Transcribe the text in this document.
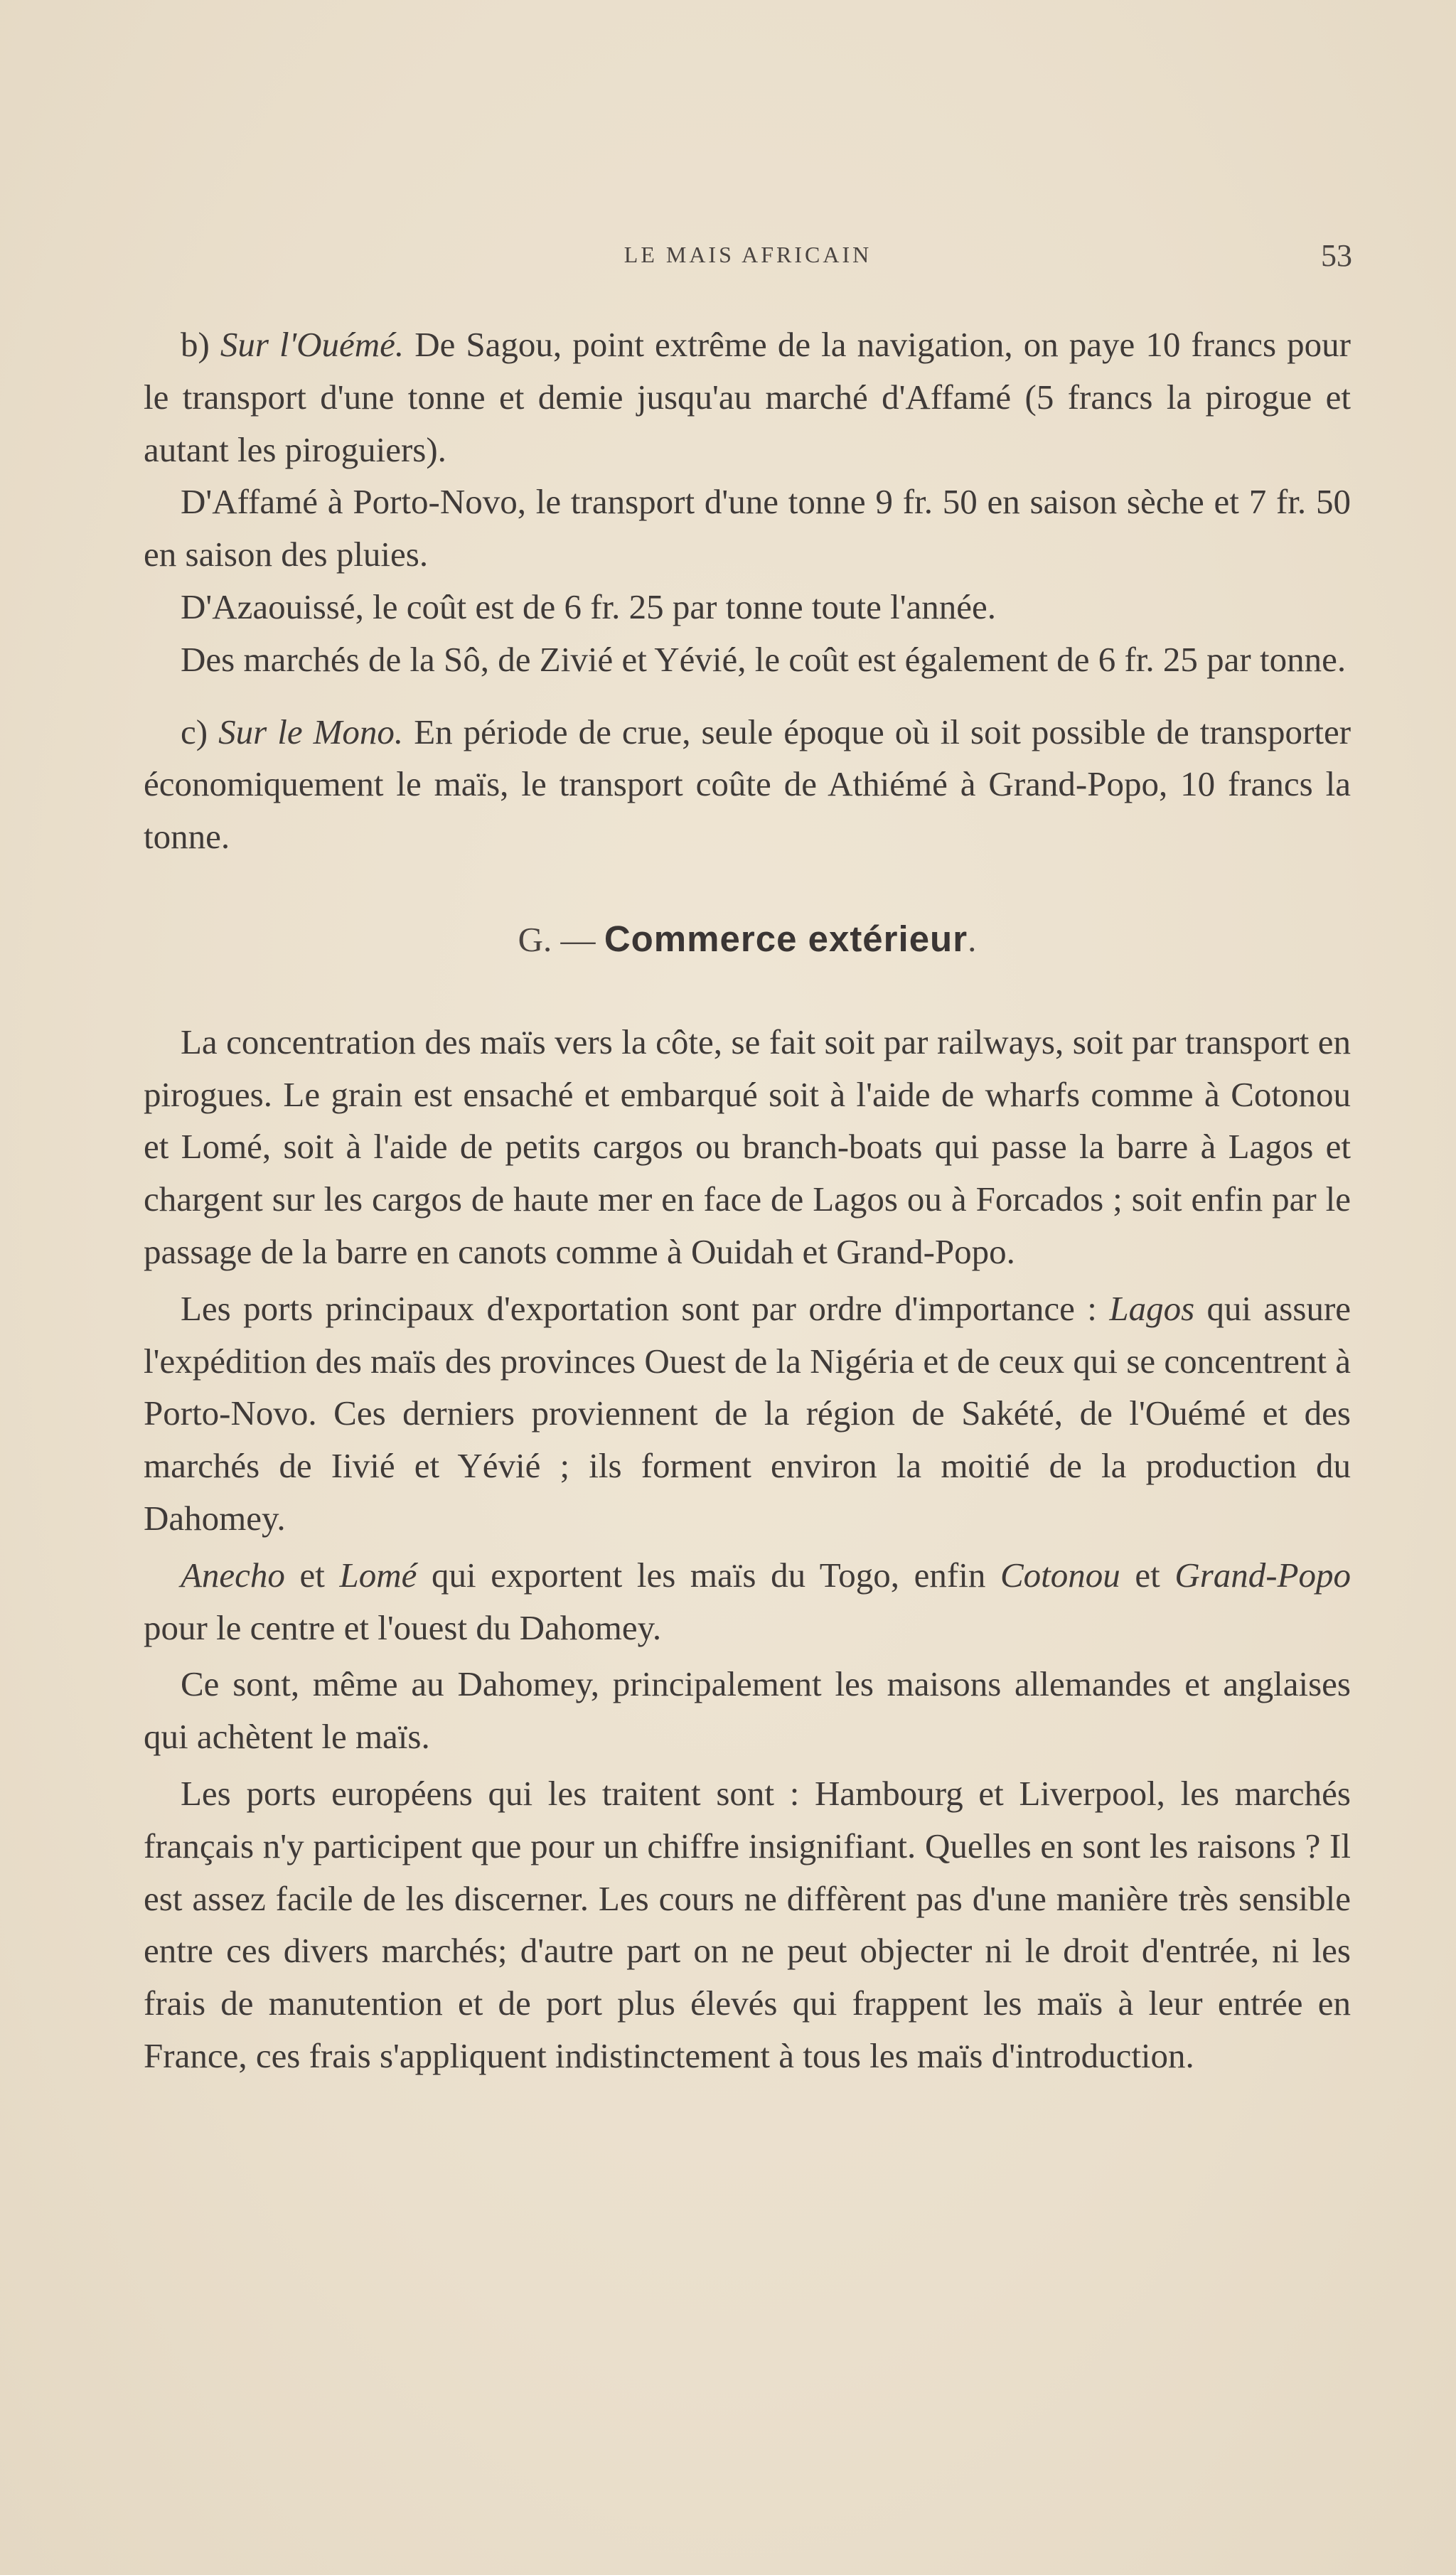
LE MAIS AFRICAIN	53

b) Sur l'Ouémé. De Sagou, point extrême de la navigation, on paye 10 francs pour le transport d'une tonne et demie jusqu'au marché d'Affamé (5 francs la pirogue et autant les piroguiers).

D'Affamé à Porto-Novo, le transport d'une tonne 9 fr. 50 en saison sèche et 7 fr. 50 en saison des pluies.

D'Azaouissé, le coût est de 6 fr. 25 par tonne toute l'année.

Des marchés de la Sô, de Zivié et Yévié, le coût est également de 6 fr. 25 par tonne.

c) Sur le Mono. En période de crue, seule époque où il soit possible de transporter économiquement le maïs, le transport coûte de Athiémé à Grand-Popo, 10 francs la tonne.

G. — Commerce extérieur.

La concentration des maïs vers la côte, se fait soit par railways, soit par transport en pirogues. Le grain est ensaché et embarqué soit à l'aide de wharfs comme à Cotonou et Lomé, soit à l'aide de petits cargos ou branch-boats qui passe la barre à Lagos et chargent sur les cargos de haute mer en face de Lagos ou à Forcados ; soit enfin par le passage de la barre en canots comme à Ouidah et Grand-Popo.

Les ports principaux d'exportation sont par ordre d'importance : Lagos qui assure l'expédition des maïs des provinces Ouest de la Nigéria et de ceux qui se concentrent à Porto-Novo. Ces derniers proviennent de la région de Sakété, de l'Ouémé et des marchés de Iivié et Yévié ; ils forment environ la moitié de la production du Dahomey.

Anecho et Lomé qui exportent les maïs du Togo, enfin Cotonou et Grand-Popo pour le centre et l'ouest du Dahomey.

Ce sont, même au Dahomey, principalement les maisons allemandes et anglaises qui achètent le maïs.

Les ports européens qui les traitent sont : Hambourg et Liverpool, les marchés français n'y participent que pour un chiffre insignifiant. Quelles en sont les raisons ? Il est assez facile de les discerner. Les cours ne diffèrent pas d'une manière très sensible entre ces divers marchés; d'autre part on ne peut objecter ni le droit d'entrée, ni les frais de manutention et de port plus élevés qui frappent les maïs à leur entrée en France, ces frais s'appliquent indistinctement à tous les maïs d'introduction.
